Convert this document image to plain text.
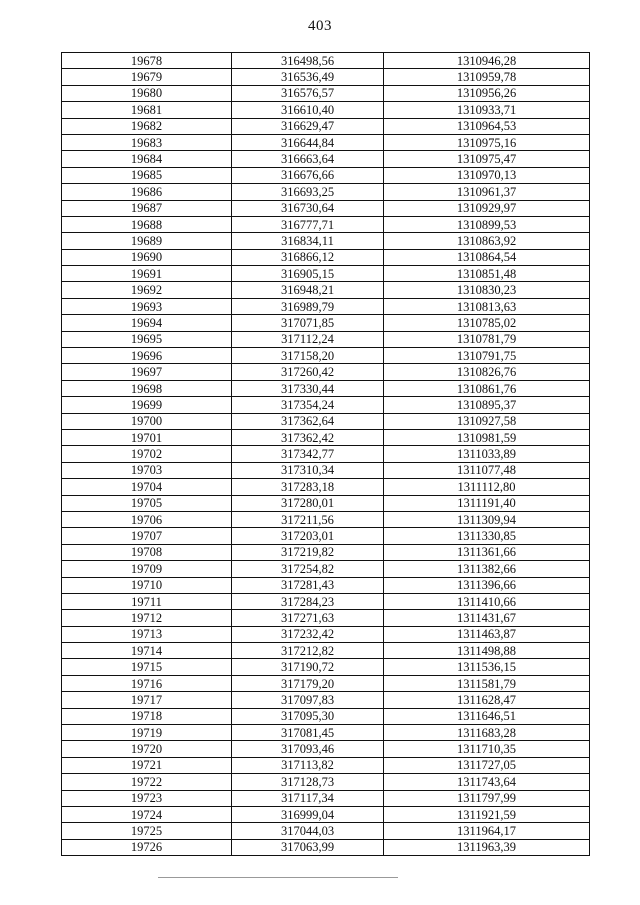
403
19678	316498,56	1310946,28
19679	316536,49	1310959,78
19680	316576,57	1310956,26
19681	316610,40	1310933,71
19682	316629,47	1310964,53
19683	316644,84	1310975,16
19684	316663,64	1310975,47
19685	316676,66	1310970,13
19686	316693,25	1310961,37
19687	316730,64	1310929,97
19688	316777,71	1310899,53
19689	316834,11	1310863,92
19690	316866,12	1310864,54
19691	316905,15	1310851,48
19692	316948,21	1310830,23
19693	316989,79	1310813,63
19694	317071,85	1310785,02
19695	317112,24	1310781,79
19696	317158,20	1310791,75
19697	317260,42	1310826,76
19698	317330,44	1310861,76
19699	317354,24	1310895,37
19700	317362,64	1310927,58
19701	317362,42	1310981,59
19702	317342,77	1311033,89
19703	317310,34	1311077,48
19704	317283,18	1311112,80
19705	317280,01	1311191,40
19706	317211,56	1311309,94
19707	317203,01	1311330,85
19708	317219,82	1311361,66
19709	317254,82	1311382,66
19710	317281,43	1311396,66
19711	317284,23	1311410,66
19712	317271,63	1311431,67
19713	317232,42	1311463,87
19714	317212,82	1311498,88
19715	317190,72	1311536,15
19716	317179,20	1311581,79
19717	317097,83	1311628,47
19718	317095,30	1311646,51
19719	317081,45	1311683,28
19720	317093,46	1311710,35
19721	317113,82	1311727,05
19722	317128,73	1311743,64
19723	317117,34	1311797,99
19724	316999,04	1311921,59
19725	317044,03	1311964,17
19726	317063,99	1311963,39
